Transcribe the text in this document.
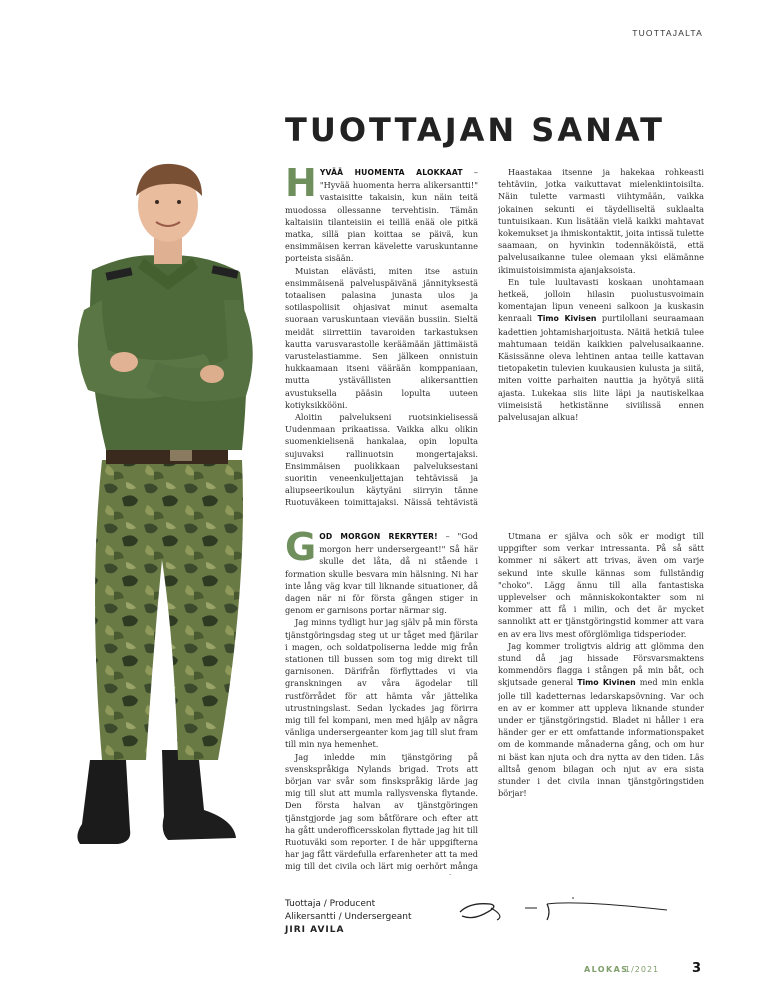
TUOTTAJALTA
TUOTTAJAN SANAT

HYVÄÄ HUOMENTA ALOKKAAT – "Hyvää huomenta herra alikersantti!" vastaisitte takaisin, kun näin teitä muodossa ollessanne tervehtisin. Tämän kaltaisiin tilanteisiin ei teillä enää ole pitkä matka, sillä pian koittaa se päivä, kun ensimmäisen kerran kävelette varuskuntanne porteista sisään.

Muistan elävästi, miten itse astuin ensimmäisenä palveluspäivänä jännityksestä totaalisen palasina junasta ulos ja sotilaspoliisit ohjasivat minut asemalta suoraan varuskuntaan vievään bussiin. Sieltä meidät siirrettiin tavaroiden tarkastuksen kautta varusvarastolle keräämään jättimäistä varustelastiamme. Sen jälkeen onnistuin hukkaamaan itseni väärään komppaniaan, mutta ystävällisten alikersanttien avustuksella pääsin lopulta uuteen kotiyksikkööni.

Aloitin palvelukseni ruotsinkielisessä Uudenmaan prikaatissa. Vaikka alku olikin suomenkielisenä hankalaa, opin lopulta sujuvaksi rallinuotsin mongertajaksi. Ensimmäisen puolikkaan palveluksestani suoritin veneenkuljettajan tehtävissä ja aliupseerikoulun käytyäni siirryin tänne Ruotuväkeen toimittajaksi. Näissä tehtävistä

Haastakaa itsenne ja hakekaa rohkeasti tehtäviin, jotka vaikuttavat mielenkiintoisilta. Näin tulette varmasti viihtymään, vaikka jokainen sekunti ei täydelliseltä suklaalta tuntuisikaan. Kun lisätään vielä kaikki mahtavat kokemukset ja ihmiskontaktit, joita intissä tulette saamaan, on hyvinkin todennäköistä, että palvelusaikanne tulee olemaan yksi elämänne ikimuistoisimmista ajanjaksoista.

En tule luultavasti koskaan unohtamaan hetkeä, jolloin hilasin puolustusvoimain komentajan lipun veneeni salkoon ja kuskasin kenraali Timo Kivisen purtilollani seuraamaan kadettien johtamisharjoitusta. Näitä hetkiä tulee mahtumaan teidän kaikkien palvelusaikaanne. Käsissänne oleva lehtinen antaa teille kattavan tietopaketin tulevien kuukausien kulusta ja siitä, miten voitte parhaiten nauttia ja hyötyä siitä ajasta. Lukekaa siis liite läpi ja nautiskelkaa viimeisistä hetkistänne siviilissä ennen palvelusajan alkua!

GOD MORGON REKRYTER! – "God morgon herr undersergeant!" Så här skulle det låta, då ni stående i formation skulle besvara min hälsning. Ni har inte lång väg kvar till liknande situationer, då dagen när ni för första gången stiger in genom er garnisons portar närmar sig.

Jag minns tydligt hur jag själv på min första tjänstgöringsdag steg ut ur tåget med fjärilar i magen, och soldatpoliserna ledde mig från stationen till bussen som tog mig direkt till garnisonen. Därifrån förflyttades vi via granskningen av våra ägodelar till rustförrådet för att hämta vår jättelika utrustningslast. Sedan lyckades jag förirra mig till fel kompani, men med hjälp av några vänliga undersergeanter kom jag till slut fram till min nya hemenhet.

Jag inledde min tjänstgöring på svenskspråkiga Nylands brigad. Trots att början var svår som finskspråkig lärde jag mig till slut att mumla rallysvenska flytande. Den första halvan av tjänstgöringen tjänstgjorde jag som båtförare och efter att ha gått underofficersskolan flyttade jag hit till Ruotuväki som reporter. I de här uppgifterna har jag fått värdefulla erfarenheter att ta med mig till det civila och lärt mig oerhört många

Utmana er själva och sök er modigt till uppgifter som verkar intressanta. På så sätt kommer ni säkert att trivas, även om varje sekund inte skulle kännas som fullständig "choko". Lägg ännu till alla fantastiska upplevelser och människokontakter som ni kommer att få i milin, och det är mycket sannolikt att er tjänstgöringstid kommer att vara en av era livs mest oförglömliga tidsperioder.

Jag kommer troligtvis aldrig att glömma den stund då jag hissade Försvarsmaktens kommendörs flagga i stången på min båt, och skjutsade general Timo Kivinen med min enkla jolle till kadetternas ledarskapsövning. Var och en av er kommer att uppleva liknande stunder under er tjänstgöringstid. Bladet ni håller i era händer ger er ett omfattande informationspaket om de kommande månaderna gång, och om hur ni bäst kan njuta och dra nytta av den tiden. Läs alltså genom bilagan och njut av era sista stunder i det civila innan tjänstgöringstiden börjar!

Tuottaja / Producent
Alikersantti / Undersergeant
JIRI AVILA
ALOKAS
1/2021	3
